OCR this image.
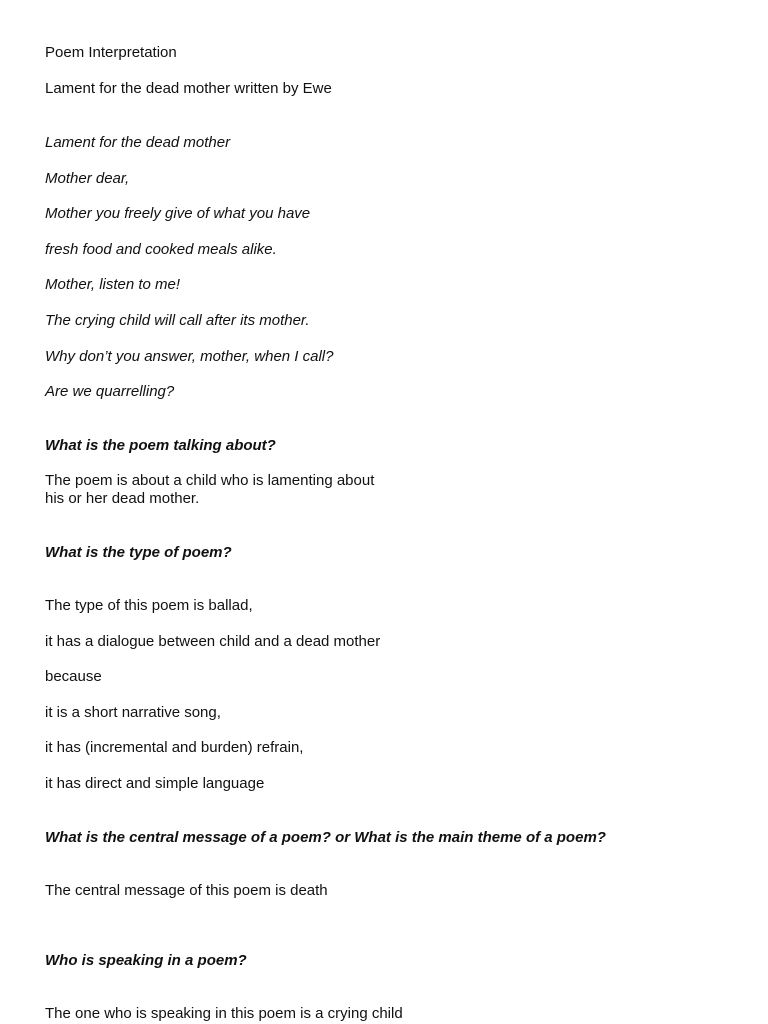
Poem Interpretation
Lament for the dead mother written by Ewe
Lament for the dead mother
Mother dear,
Mother you freely give of what you have
fresh food and cooked meals alike.
Mother, listen to me!
The crying child will call after its mother.
Why don’t you answer, mother, when I call?
Are we quarrelling?
What is the poem talking about?
The poem is about a child who is lamenting about
his or her dead mother.
What is the type of poem?
The type of this poem is ballad,
it has a dialogue between child and a dead mother
because
it is a short narrative song,
it has (incremental and burden) refrain,
it has direct and simple language
What is the central message of a poem? or What is the main theme of a poem?
The central message of this poem is death
Who is speaking in a poem?
The one who is speaking in this poem is a crying child
